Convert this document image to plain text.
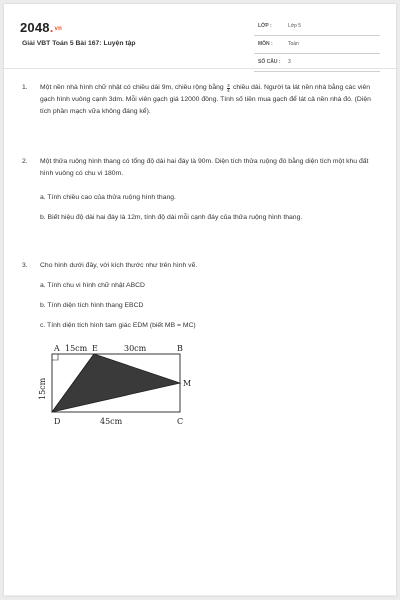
2048.vn
Giải VBT Toán 5 Bài 167: Luyện tập
LỚP :	Lớp 5
MÔN :	Toán
SỐ CÂU : 3
1. Một nền nhà hình chữ nhật có chiều dài 9m, chiều rộng bằng $\frac{3}{4}$ chiều dài. Người ta lát nền nhà bằng các viên gạch hình vuông cạnh 3dm. Mỗi viên gạch giá 12000 đồng. Tính số tiền mua gạch để lát cả nền nhà đó. (Diện tích phần mạch vữa không đáng kể).
2. Một thửa ruộng hình thang có tổng độ dài hai đáy là 90m. Diện tích thửa ruộng đó bằng diện tích một khu đất hình vuông có chu vi 180m.
a. Tính chiều cao của thửa ruộng hình thang.
b. Biết hiệu độ dài hai đáy là 12m, tính độ dài mỗi cạnh đáy của thửa ruộng hình thang.
3. Cho hình dưới đây, với kích thước như trên hình vẽ.
a. Tính chu vi hình chữ nhật ABCD
b. Tính diện tích hình thang EBCD
c. Tính diện tích hình tam giác EDM (biết MB = MC)
A 15cm E	30cm	B
M
D	45cm	C
15cm
